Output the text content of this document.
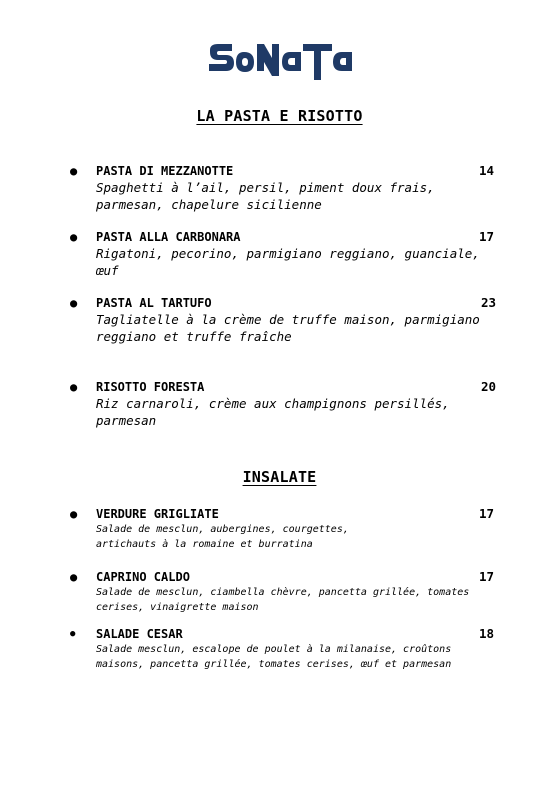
LA PASTA E RISOTTO
● PASTA DI MEZZANOTTE	14
Spaghetti à l’ail, persil, piment doux frais,
parmesan, chapelure sicilienne
● PASTA ALLA CARBONARA	17
Rigatoni, pecorino, parmigiano reggiano, guanciale,
œuf
● PASTA AL TARTUFO	23
Tagliatelle à la crème de truffe maison, parmigiano
reggiano et truffe fraîche
● RISOTTO FORESTA	20
Riz carnaroli, crème aux champignons persillés,
parmesan
INSALATE
● VERDURE GRIGLIATE	17
Salade de mesclun, aubergines, courgettes,
artichauts à la romaine et burratina
● CAPRINO CALDO	17
Salade de mesclun, ciambella chèvre, pancetta grillée, tomates
cerises, vinaigrette maison
● SALADE CESAR	18
Salade mesclun, escalope de poulet à la milanaise, croûtons
maisons, pancetta grillée, tomates cerises, œuf et parmesan
